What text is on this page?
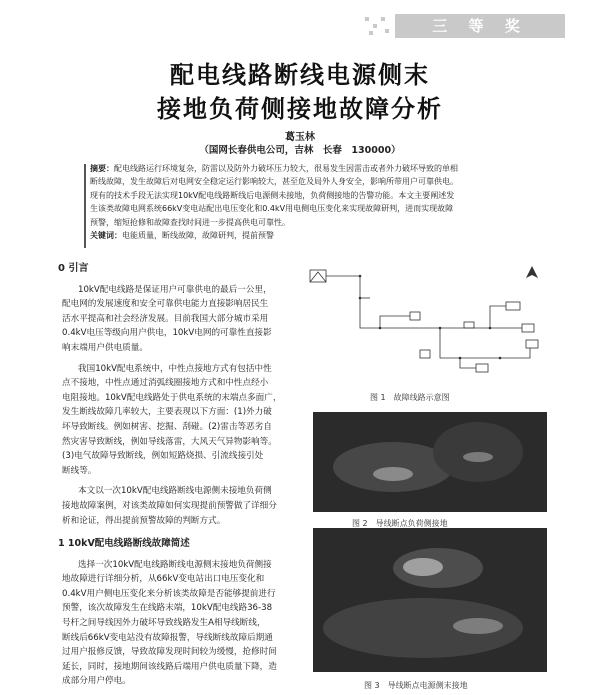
三 等 奖
配电线路断线电源侧末
接地负荷侧接地故障分析
葛玉林
（国网长春供电公司，吉林　长春　130000）
摘要：配电线路运行环境复杂，防雷以及防外力破坏压力较大，很易发生因雷击或者外力破坏导致的单相
断线故障，发生故障后对电网安全稳定运行影响较大，甚至危及局外人身安全，影响所带用户可靠供电。
现有的技术手段无法实现10kV配电线路断线后电源侧未接地，负荷侧接地的告警功能。本文主要阐述发
生该类故障电网系统66kV变电站配出电压变化和0.4kV用电侧电压变化来实现故障研判，进而实现故障
预警，缩短抢修和故障查找时间进一步提高供电可靠性。
关键词：电能质量，断线故障，故障研判，提前预警
0 引言
10kV配电线路是保证用户可靠供电的最后一公里，
配电网的发展速度和安全可靠供电能力直接影响居民生
活水平提高和社会经济发展。目前我国大部分城市采用
0.4kV电压等级向用户供电，10kV电网的可靠性直接影
响末端用户供电质量。
我国10kV配电系统中，中性点接地方式有包括中性
点不接地，中性点通过消弧线圈接地方式和中性点经小
电阻接地。10kV配电线路处于供电系统的末端点多面广，
发生断线故障几率较大，主要表现以下方面：(1)外力破
坏导致断线。例如树害、挖掘、刮碰。(2)雷击等恶劣自
然灾害导致断线，例如导线落雷，大风天气异物影响等。
(3)电气故障导致断线，例如短路烧损、引流线接引处
断线等。
本文以一次10kV配电线路断线电源侧未接地负荷侧
接地故障案例，对该类故障如何实现提前预警做了详细分
析和论证，得出提前预警故障的判断方式。
1 10kV配电线路断线故障简述
选择一次10kV配电线路断线电源侧末接地负荷侧接
地故障进行详细分析，从66kV变电站出口电压变化和
0.4kV用户侧电压变化来分析该类故障是否能够提前进行
预警，该次故障发生在线路末端，10kV配电线路36-38
号杆之间导线因外力破坏导致线路发生A相导线断线，
断线后66kV变电站没有故障报警，导线断线故障后期通
过用户报修反馈，导致故障发现时间较为缓慢，抢修时间
延长，同时，接地期间该线路后端用户供电质量下降，造
成部分用户停电。
图 1　故障线路示意图
图 2　导线断点负荷侧接地
图 3　导线断点电源侧末接地
